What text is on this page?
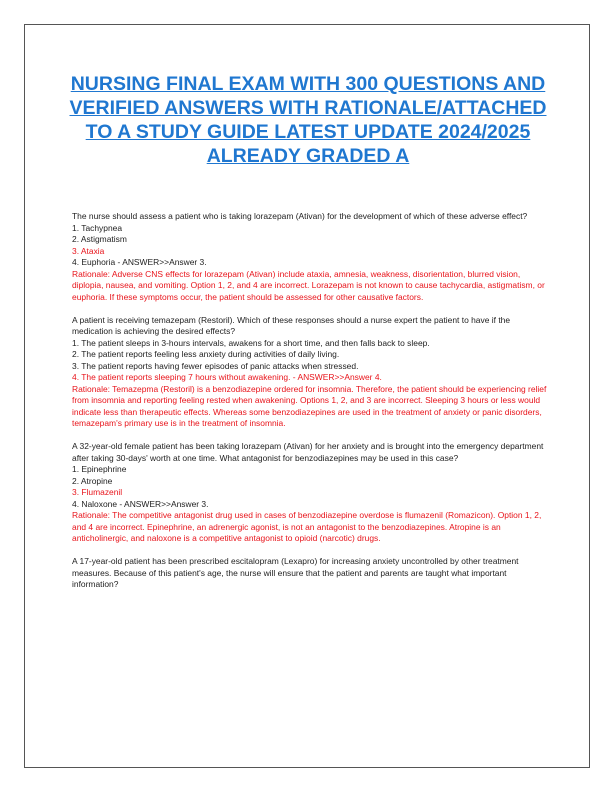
NURSING FINAL EXAM WITH 300 QUESTIONS AND VERIFIED ANSWERS WITH RATIONALE/ATTACHED TO A STUDY GUIDE LATEST UPDATE 2024/2025 ALREADY GRADED A
The nurse should assess a patient who is taking lorazepam (Ativan) for the development of which of these adverse effect?
1. Tachypnea
2. Astigmatism
3. Ataxia
4. Euphoria - ANSWER>>Answer 3.
Rationale: Adverse CNS effects for lorazepam (Ativan) include ataxia, amnesia, weakness, disorientation, blurred vision, diplopia, nausea, and vomiting. Option 1, 2, and 4 are incorrect. Lorazepam is not known to cause tachycardia, astigmatism, or euphoria. If these symptoms occur, the patient should be assessed for other causative factors.
A patient is receiving temazepam (Restoril). Which of these responses should a nurse expert the patient to have if the medication is achieving the desired effects?
1. The patient sleeps in 3-hours intervals, awakens for a short time, and then falls back to sleep.
2. The patient reports feeling less anxiety during activities of daily living.
3. The patient reports having fewer episodes of panic attacks when stressed.
4. The patient reports sleeping 7 hours without awakening. - ANSWER>>Answer 4.
Rationale: Temazepma (Restoril) is a benzodiazepine ordered for insomnia. Therefore, the patient should be experiencing relief from insomnia and reporting feeling rested when awakening. Options 1, 2, and 3 are incorrect. Sleeping 3 hours or less would indicate less than therapeutic effects. Whereas some benzodiazepines are used in the treatment of anxiety or panic disorders, temazepam's primary use is in the treatment of insomnia.
A 32-year-old female patient has been taking lorazepam (Ativan) for her anxiety and is brought into the emergency department after taking 30-days' worth at one time. What antagonist for benzodiazepines may be used in this case?
1. Epinephrine
2. Atropine
3. Flumazenil
4. Naloxone - ANSWER>>Answer 3.
Rationale: The competitive antagonist drug used in cases of benzodiazepine overdose is flumazenil (Romazicon). Option 1, 2, and 4 are incorrect. Epinephrine, an adrenergic agonist, is not an antagonist to the benzodiazepines. Atropine is an anticholinergic, and naloxone is a competitive antagonist to opioid (narcotic) drugs.
A 17-year-old patient has been prescribed escitalopram (Lexapro) for increasing anxiety uncontrolled by other treatment measures. Because of this patient's age, the nurse will ensure that the patient and parents are taught what important information?
